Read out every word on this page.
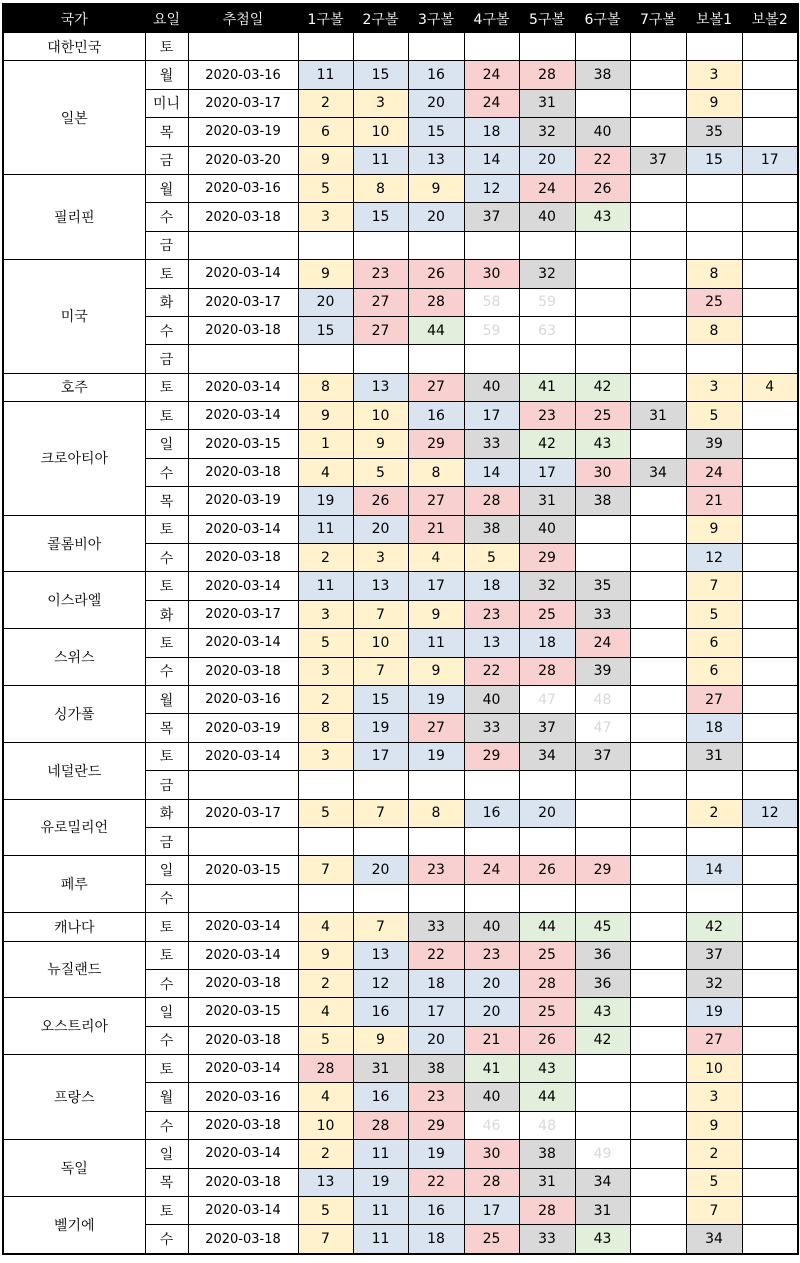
국가	요일	추첨일	1구볼	2구볼	3구볼	4구볼	5구볼	6구볼	7구볼	보볼1	보볼2
대한민국	토										
일본	월	2020-03-16	11	15	16	24	28	38		3	
	미니	2020-03-17	2	3	20	24	31			9	
	목	2020-03-19	6	10	15	18	32	40		35	
	금	2020-03-20	9	11	13	14	20	22	37	15	17
필리핀	월	2020-03-16	5	8	9	12	24	26			
	수	2020-03-18	3	15	20	37	40	43			
	금										
미국	토	2020-03-14	9	23	26	30	32			8	
	화	2020-03-17	20	27	28	58	59			25	
	수	2020-03-18	15	27	44	59	63			8	
	금										
호주	토	2020-03-14	8	13	27	40	41	42		3	4
크로아티아	토	2020-03-14	9	10	16	17	23	25	31	5	
	일	2020-03-15	1	9	29	33	42	43		39	
	수	2020-03-18	4	5	8	14	17	30	34	24	
	목	2020-03-19	19	26	27	28	31	38		21	
콜롬비아	토	2020-03-14	11	20	21	38	40			9	
	수	2020-03-18	2	3	4	5	29			12	
이스라엘	토	2020-03-14	11	13	17	18	32	35		7	
	화	2020-03-17	3	7	9	23	25	33		5	
스위스	토	2020-03-14	5	10	11	13	18	24		6	
	수	2020-03-18	3	7	9	22	28	39		6	
싱가폴	월	2020-03-16	2	15	19	40	47	48		27	
	목	2020-03-19	8	19	27	33	37	47		18	
네덜란드	토	2020-03-14	3	17	19	29	34	37		31	
	금										
유로밀리언	화	2020-03-17	5	7	8	16	20			2	12
	금										
페루	일	2020-03-15	7	20	23	24	26	29		14	
	수										
캐나다	토	2020-03-14	4	7	33	40	44	45		42	
뉴질랜드	토	2020-03-14	9	13	22	23	25	36		37	
	수	2020-03-18	2	12	18	20	28	36		32	
오스트리아	일	2020-03-15	4	16	17	20	25	43		19	
	수	2020-03-18	5	9	20	21	26	42		27	
프랑스	토	2020-03-14	28	31	38	41	43			10	
	월	2020-03-16	4	16	23	40	44			3	
	수	2020-03-18	10	28	29	46	48			9	
독일	일	2020-03-14	2	11	19	30	38	49		2	
	목	2020-03-18	13	19	22	28	31	34		5	
벨기에	토	2020-03-14	5	11	16	17	28	31		7	
	수	2020-03-18	7	11	18	25	33	43		34	
